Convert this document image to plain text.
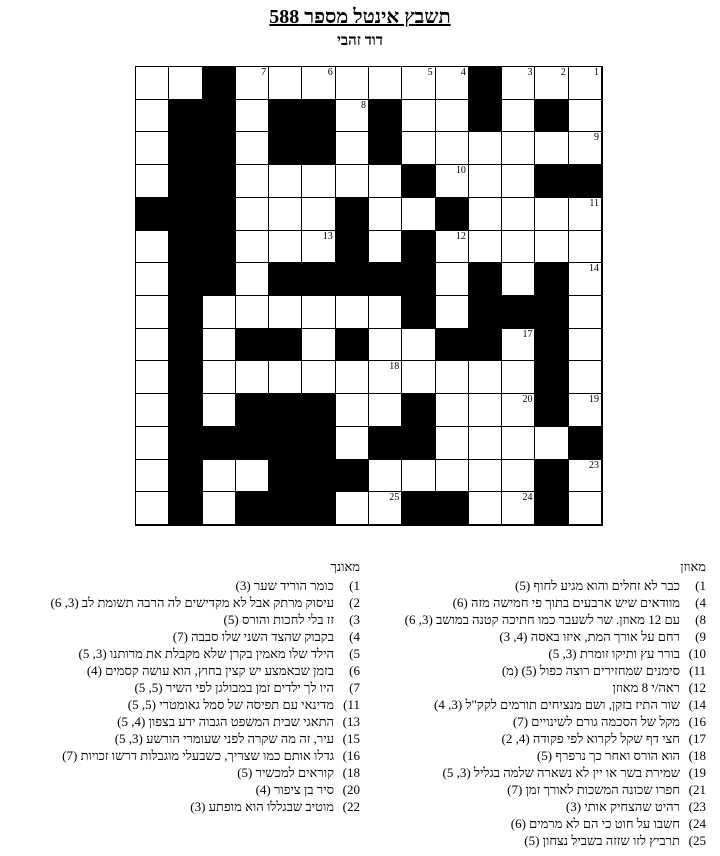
תשבץ אינטל מספר 588
דוד זהבי
1
2
3
4
5
6
7
8
9
10
11
12
13
14
17
18
19
20
23
24
25
מאוזן
1)
כבר לא זחלים והוא מגיע לחוף (5)
4)
מוודאים שיש ארבעים בתוך פי חמישה מזה (6)
8)
עם 12 מאוזן. שר לשעבר כמו חתיכה קטנה במושב (3, 6)
9)
רחם על אורך המת, איזו באסה (4, 3)
10)
בורר עץ ותיקו זומרת (3, 5)
11)
סימנים שמחזירים רוצה כפול (5) (מ)
12)
ראה/י 8 מאוזן
14)
שור התיז בזקן, ושם מנציחים תורמים לקק"ל (3, 4)
16)
מקל של הסכמה גורם לשינויים (7)
17)
חצי דף שקל לקרוא לפי פקודה (4, 2)
18)
הוא הורס ואחר כך נרפרף (5)
19)
שמירת בשר או יין לא נשארה שלמה בגליל (3, 5)
21)
חפרו שכונה המשכות לאורך זמן (7)
23)
רהיט שהצחיק אותי (3)
24)
חשבו על חוט כי הם לא מרמים (6)
25)
תרביץ לזו שזזה בשביל נצחון (5)
מאונך
1)
כומר הוריד שער (3)
2)
עיסוק מרתק אבל לא מקדישים לה הרבה תשומת לב (3, 6)
3)
זז בלי לחכות והורס (5)
4)
בקבוק שהצד השני שלו סבבה (7)
5)
הילד שלו מאמין בקרן שלא מקבלת את מרותנו (3, 5)
6)
בזמן שבאמצע יש קצין בחוץ, הוא עושה קסמים (4)
7)
היו לך ילדים זמן במבולגן לפי השיר (5, 5)
11)
מדינאי עם תפיסה של סמל גאומטרי (5, 5)
13)
התאגי שבית המשפט הגבוה ידע בצפון (4, 5)
15)
עיר, זה מה שקרה לפני שעומרי הורשע (3, 5)
16)
גדלו אותם כמו שצריך, כשבעלי מוגבלות דרשו זכויות (7)
18)
קוראים למכשיר (5)
20)
סיר בן ציפור (4)
22)
מוטיב שבגללו הוא מופתע (3)
